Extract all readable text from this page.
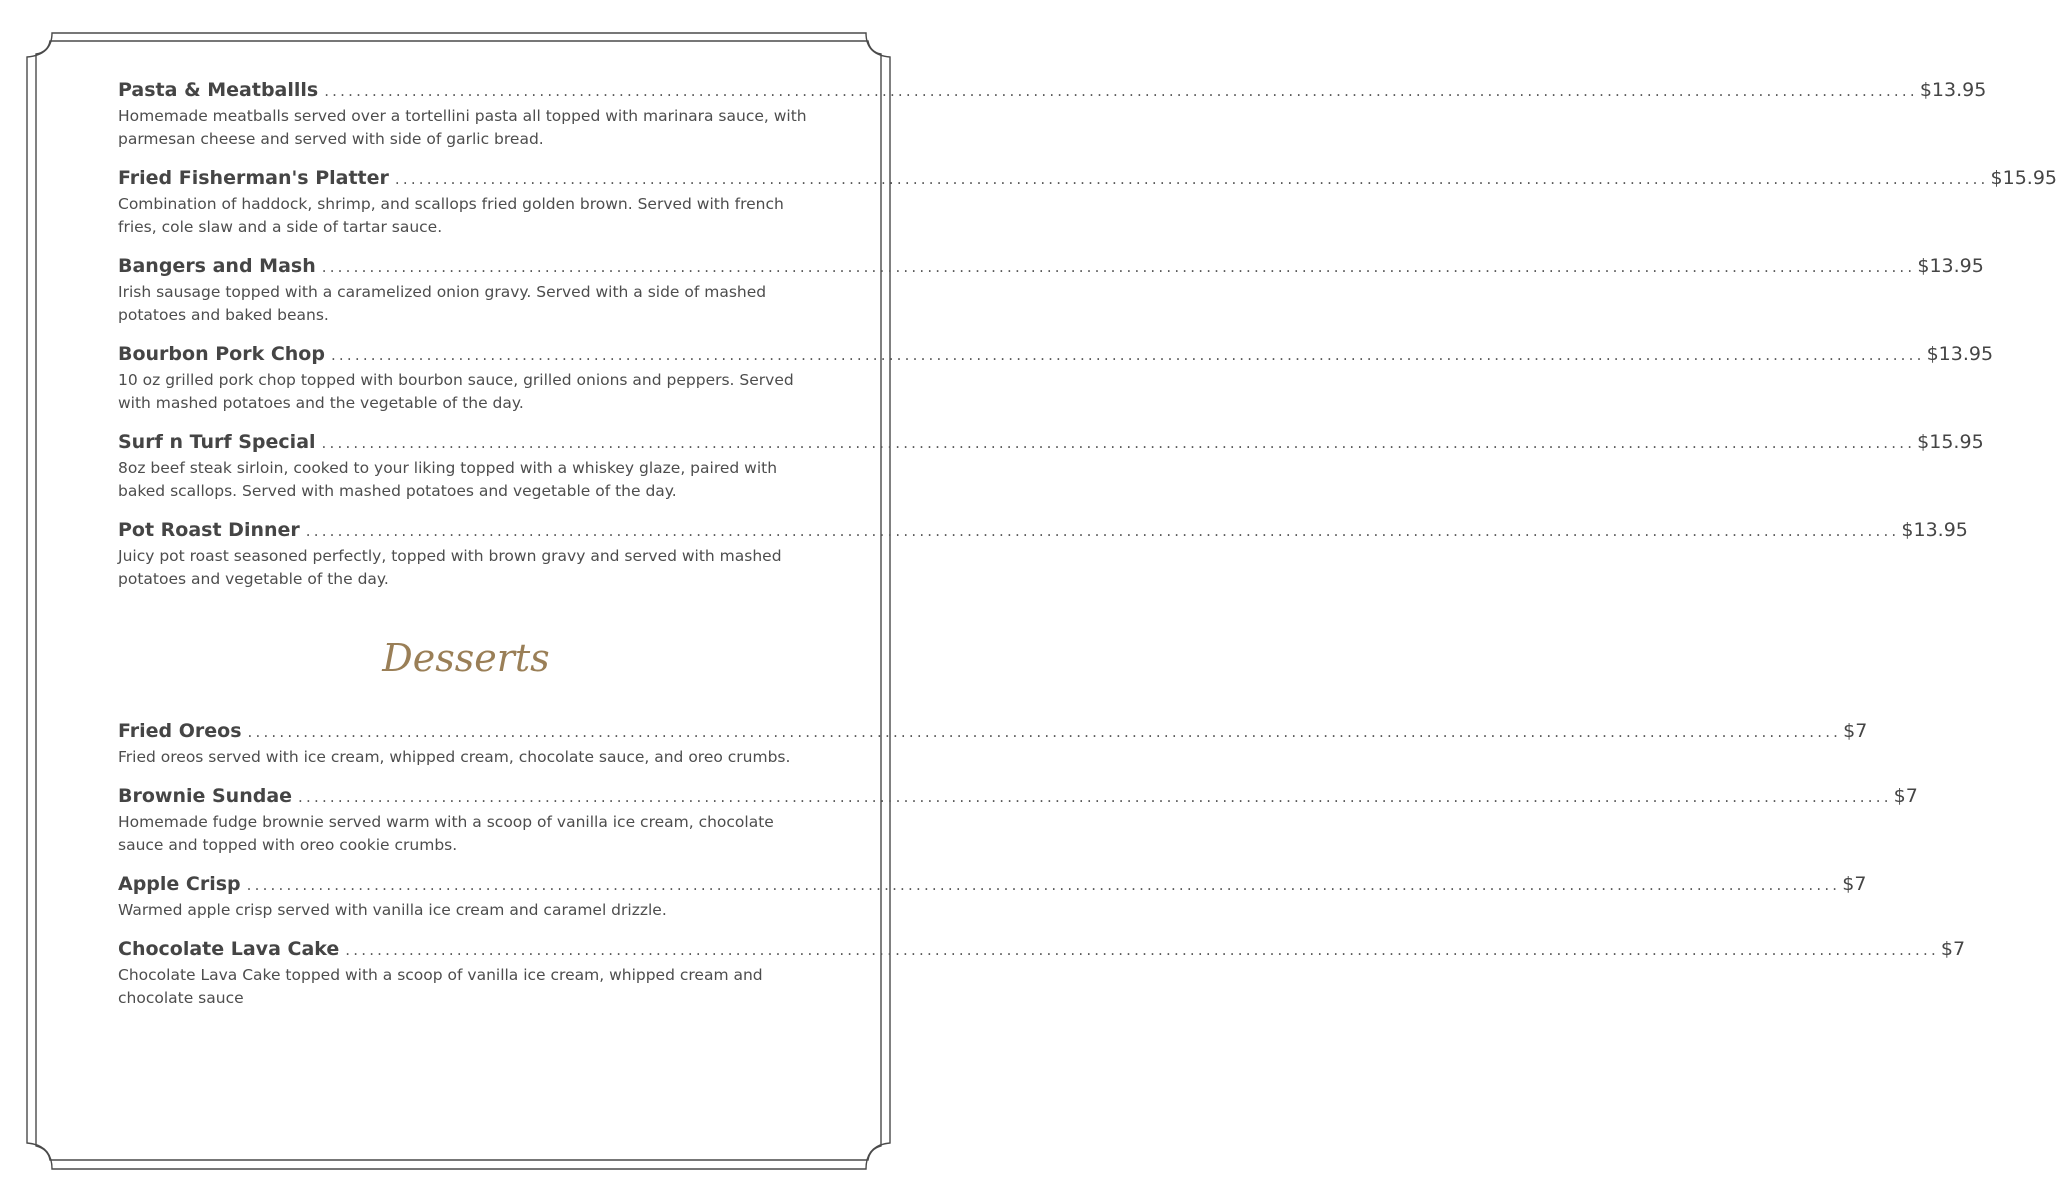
Pasta & Meatballls ........................................................................................................................................................................................................ $13.95
Homemade meatballs served over a tortellini pasta all topped with marinara sauce, with parmesan cheese and served with side of garlic bread.
Fried Fisherman's Platter ........................................................................................................................................................................................................ $15.95
Combination of haddock, shrimp, and scallops fried golden brown. Served with french fries, cole slaw and a side of tartar sauce.
Bangers and Mash ........................................................................................................................................................................................................ $13.95
Irish sausage topped with a caramelized onion gravy. Served with a side of mashed potatoes and baked beans.
Bourbon Pork Chop ........................................................................................................................................................................................................ $13.95
10 oz grilled pork chop topped with bourbon sauce, grilled onions and peppers. Served with mashed potatoes and the vegetable of the day.
Surf n Turf Special ........................................................................................................................................................................................................ $15.95
8oz beef steak sirloin, cooked to your liking topped with a whiskey glaze, paired with baked scallops. Served with mashed potatoes and vegetable of the day.
Pot Roast Dinner ........................................................................................................................................................................................................ $13.95
Juicy pot roast seasoned perfectly, topped with brown gravy and served with mashed potatoes and vegetable of the day.
Desserts
Fried Oreos ........................................................................................................................................................................................................ $7
Fried oreos served with ice cream, whipped cream, chocolate sauce, and oreo crumbs.
Brownie Sundae ........................................................................................................................................................................................................ $7
Homemade fudge brownie served warm with a scoop of vanilla ice cream, chocolate sauce and topped with oreo cookie crumbs.
Apple Crisp ........................................................................................................................................................................................................ $7
Warmed apple crisp served with vanilla ice cream and caramel drizzle.
Chocolate Lava Cake ........................................................................................................................................................................................................ $7
Chocolate Lava Cake topped with a scoop of vanilla ice cream, whipped cream and chocolate sauce
